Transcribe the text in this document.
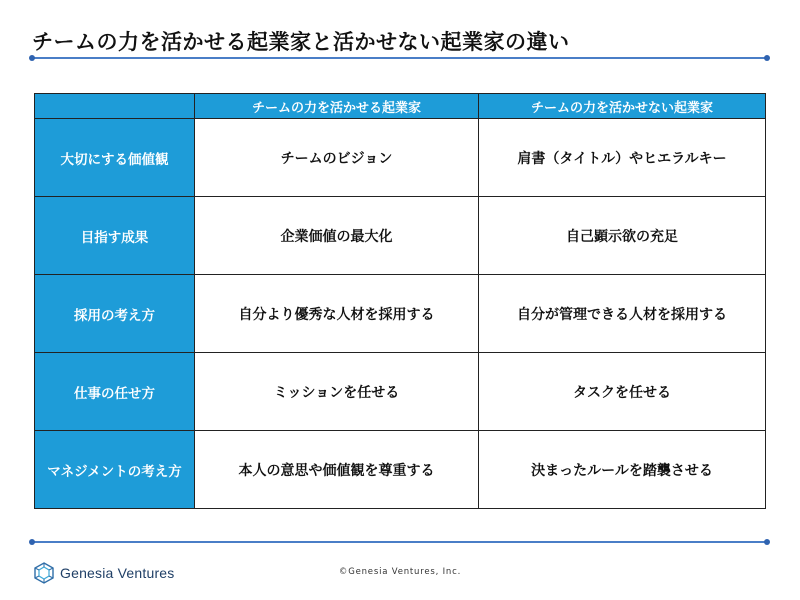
チームの力を活かせる起業家と活かせない起業家の違い
	チームの力を活かせる起業家	チームの力を活かせない起業家
大切にする価値観	チームのビジョン	肩書（タイトル）やヒエラルキー
目指す成果	企業価値の最大化	自己顕示欲の充足
採用の考え方	自分より優秀な人材を採用する	自分が管理できる人材を採用する
仕事の任せ方	ミッションを任せる	タスクを任せる
マネジメントの考え方	本人の意思や価値観を尊重する	決まったルールを踏襲させる
Genesia Ventures	©Genesia Ventures, Inc.
